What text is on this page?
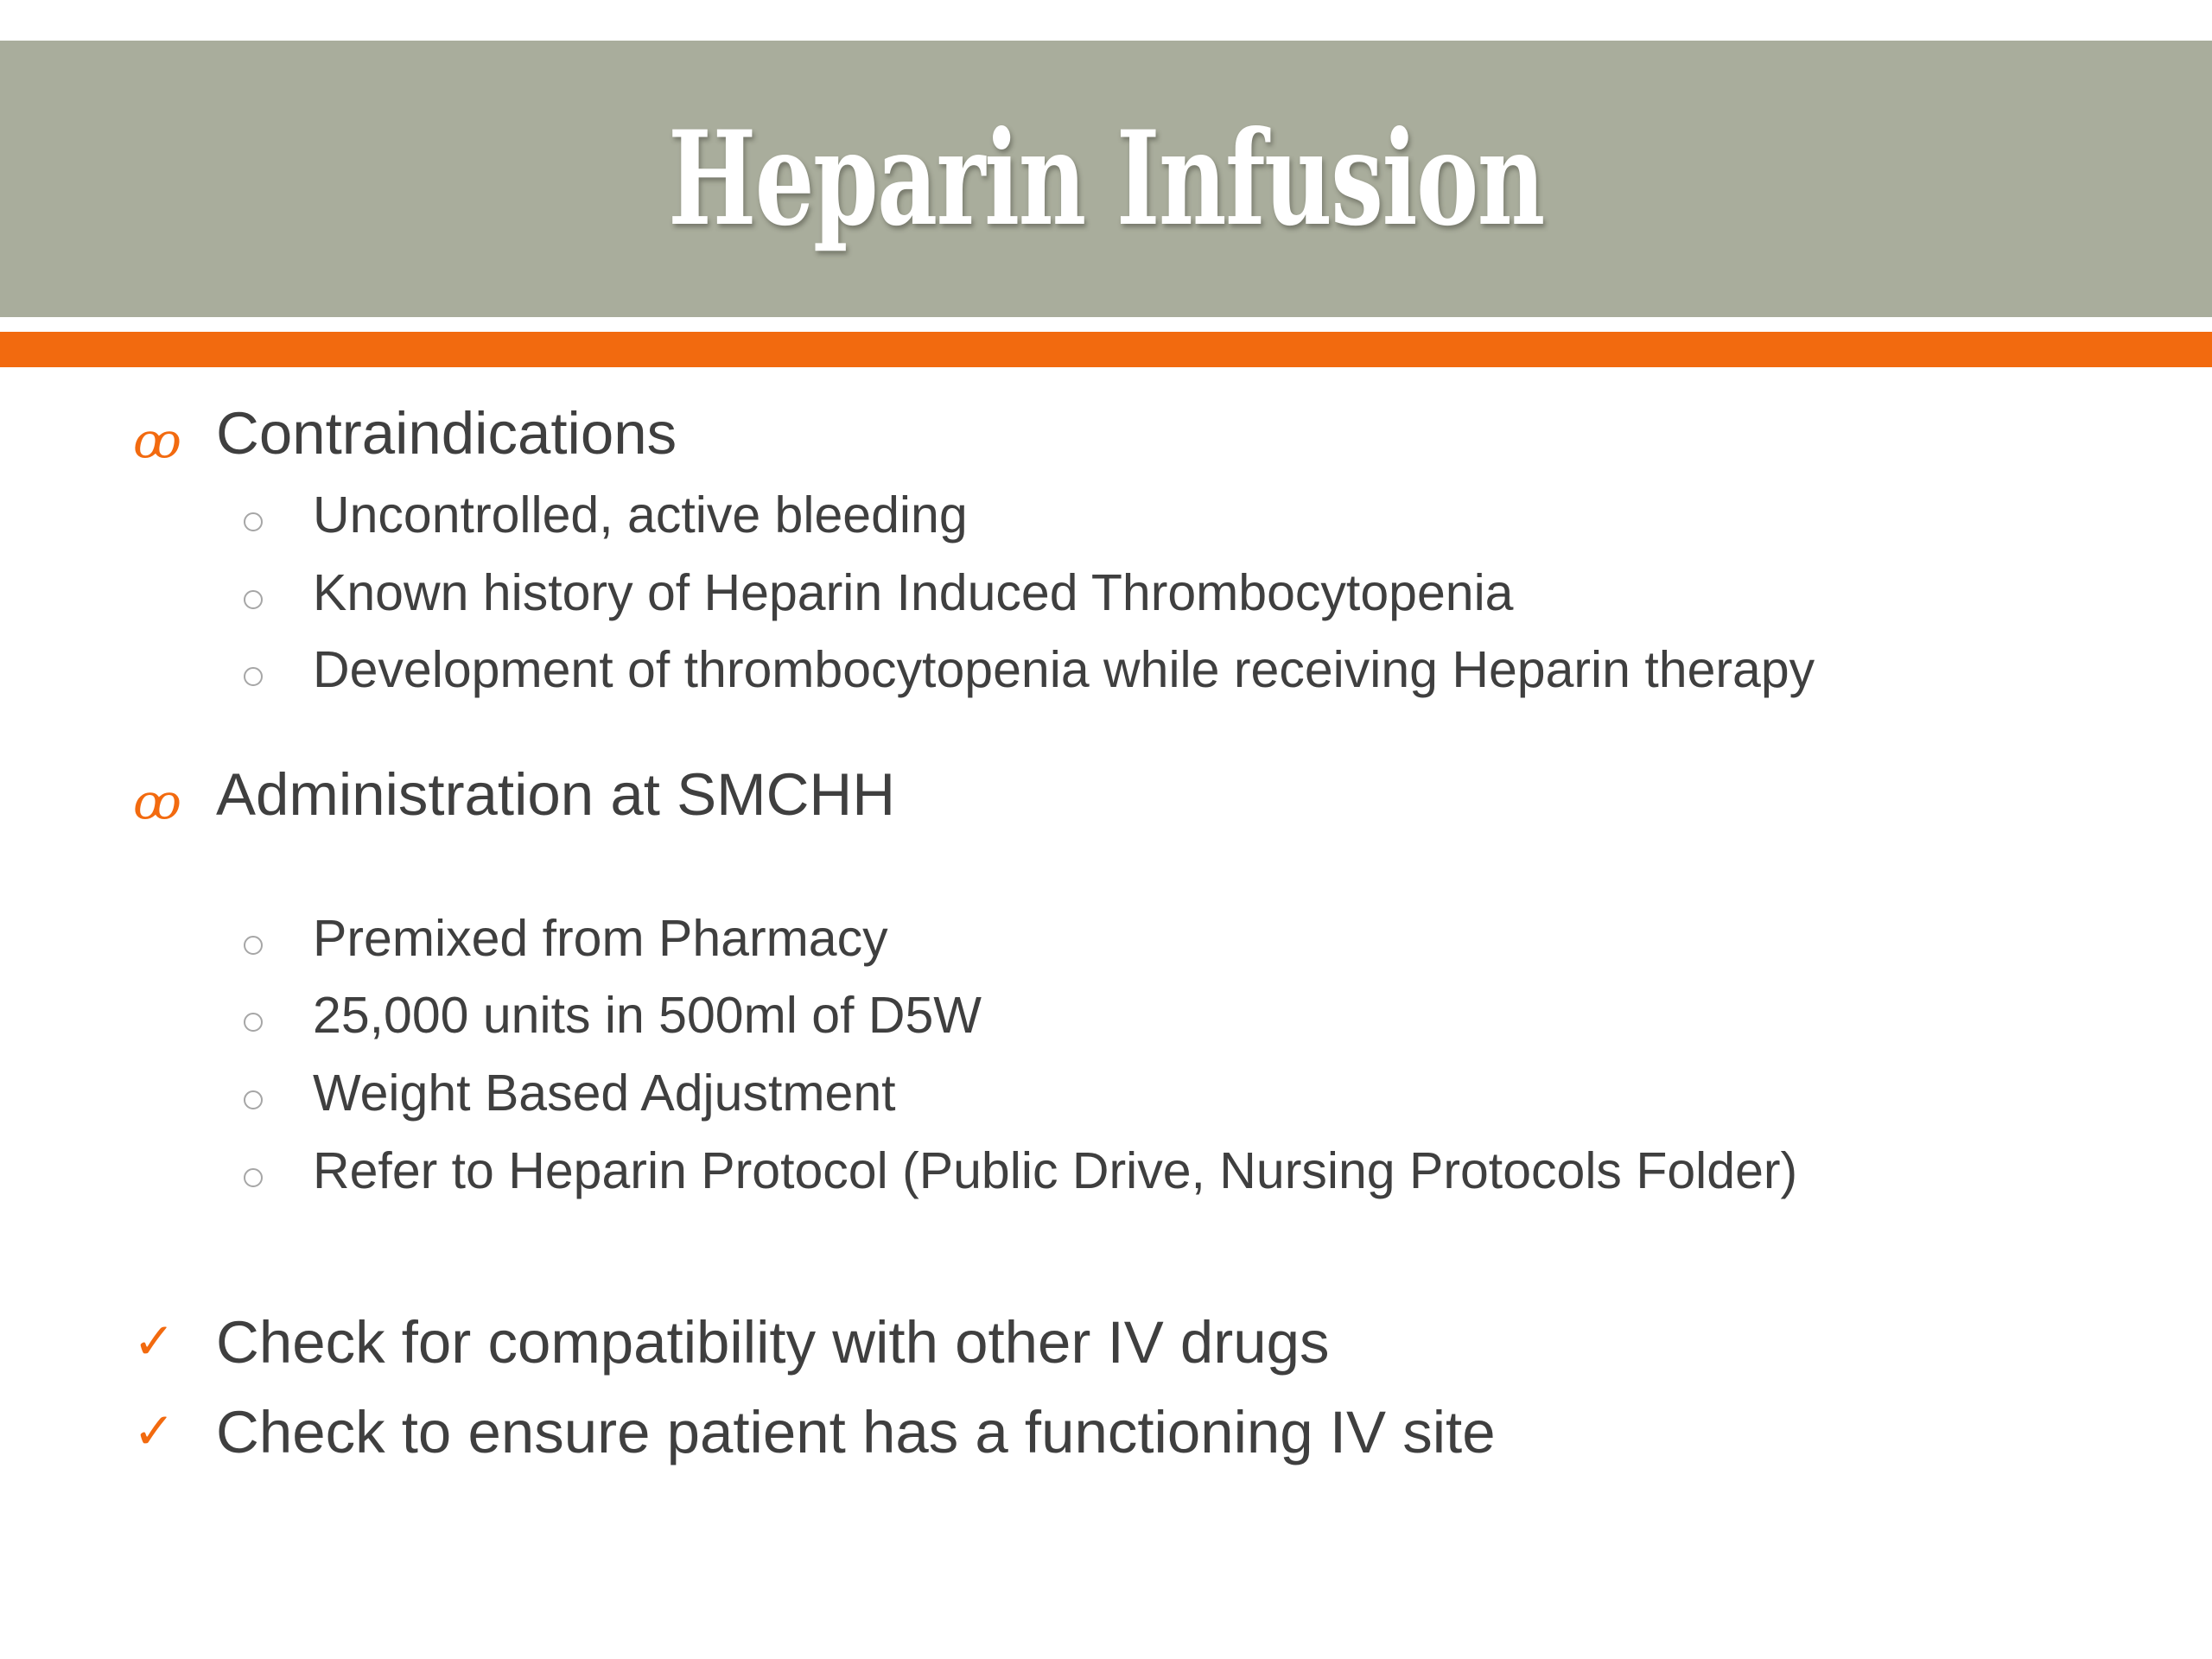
Heparin Infusion
ꝏ Contraindications
Uncontrolled, active bleeding
Known history of Heparin Induced Thrombocytopenia
Development of thrombocytopenia while receiving Heparin therapy
ꝏ Administration at SMCHH
Premixed from Pharmacy
25,000 units in 500ml of D5W
Weight Based Adjustment
Refer to Heparin Protocol (Public Drive, Nursing Protocols Folder)
✓ Check for compatibility with other IV drugs
✓ Check to ensure patient has a functioning IV site
